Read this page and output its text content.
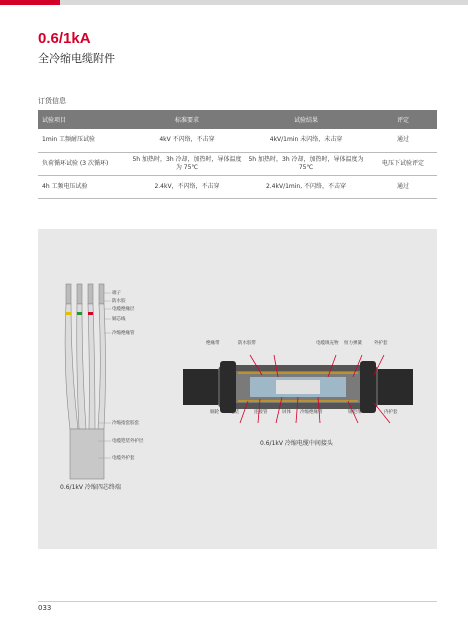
0.6/1kA
全冷缩电缆附件
订货信息
试验项目	标准要求	试验结果	评定
1min 工频耐压试验	4kV 不闪络，不击穿	4kV/1min 未闪络，未击穿	通过
负荷循环试验 (3 次循环)	5h 加热时，3h 冷却，加热时，导体温度为 75℃	5h 加热时，3h 冷却，加热时，导体温度为 75℃	电压下试验评定
4h 工频电压试验	2.4kV，不闪络，不击穿	2.4kV/1min, 不闪络，不击穿	通过
端子
防水胶
电缆绝缘层
铜芯线
冷缩绝缘管
冷缩指套胶套
电缆铠装外护层
电缆外护套
0.6/1kV 冷缩四芯终端
绝缘带	防水胶带	电缆填充物 恒力弹簧	外护套
铜轮 铠装	连接管	屏体 冷缩绝缘管	钢铠带	内护套
0.6/1kV 冷缩电缆中间接头
033
